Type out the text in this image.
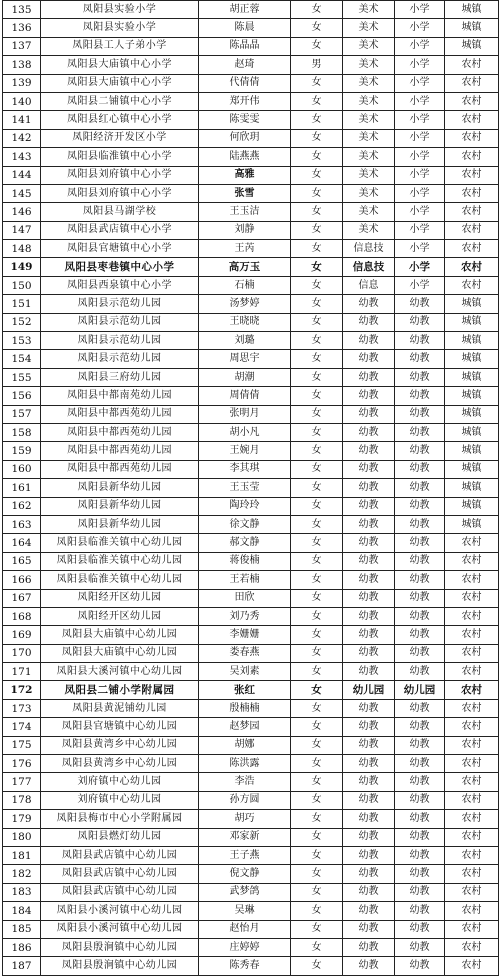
135	凤阳县实验小学	胡正蓉	女	美术	小学	城镇
136	凤阳县实验小学	陈晨	女	美术	小学	城镇
137	凤阳县工人子弟小学	陈晶晶	女	美术	小学	城镇
138	凤阳县大庙镇中心小学	赵琦	男	美术	小学	农村
139	凤阳县大庙镇中心小学	代倩倩	女	美术	小学	农村
140	凤阳县二铺镇中心小学	郑开伟	女	美术	小学	农村
141	凤阳县红心镇中心小学	陈雯雯	女	美术	小学	农村
142	凤阳经济开发区小学	何欣玥	女	美术	小学	农村
143	凤阳县临淮镇中心小学	陆燕燕	女	美术	小学	农村
144	凤阳县刘府镇中心小学	高雅	女	美术	小学	农村
145	凤阳县刘府镇中心小学	张雪	女	美术	小学	农村
146	凤阳县马湖学校	王玉洁	女	美术	小学	农村
147	凤阳县武店镇中心小学	刘静	女	美术	小学	农村
148	凤阳县官塘镇中心小学	王芮	女	信息技	小学	农村
149	凤阳县枣巷镇中心小学	高万玉	女	信息技	小学	农村
150	凤阳县西泉镇中心小学	石楠	女	信息	小学	农村
151	凤阳县示范幼儿园	汤梦婷	女	幼教	幼教	城镇
152	凤阳县示范幼儿园	王晓晓	女	幼教	幼教	城镇
153	凤阳县示范幼儿园	刘璐	女	幼教	幼教	城镇
154	凤阳县示范幼儿园	周思宇	女	幼教	幼教	城镇
155	凤阳县三府幼儿园	胡潮	女	幼教	幼教	城镇
156	凤阳县中都南苑幼儿园	周倩倩	女	幼教	幼教	城镇
157	凤阳县中都西苑幼儿园	张明月	女	幼教	幼教	城镇
158	凤阳县中都西苑幼儿园	胡小凡	女	幼教	幼教	城镇
159	凤阳县中都西苑幼儿园	王婉月	女	幼教	幼教	城镇
160	凤阳县中都西苑幼儿园	李其琪	女	幼教	幼教	城镇
161	凤阳县新华幼儿园	王玉莹	女	幼教	幼教	城镇
162	凤阳县新华幼儿园	陶玲玲	女	幼教	幼教	城镇
163	凤阳县新华幼儿园	徐文静	女	幼教	幼教	城镇
164	凤阳县临淮关镇中心幼儿园	郝文静	女	幼教	幼教	农村
165	凤阳县临淮关镇中心幼儿园	蒋俊楠	女	幼教	幼教	农村
166	凤阳县临淮关镇中心幼儿园	王若楠	女	幼教	幼教	农村
167	凤阳经开区幼儿园	田欣	女	幼教	幼教	农村
168	凤阳经开区幼儿园	刘乃秀	女	幼教	幼教	农村
169	凤阳县大庙镇中心幼儿园	李姗姗	女	幼教	幼教	农村
170	凤阳县大庙镇中心幼儿园	娄春燕	女	幼教	幼教	农村
171	凤阳县大溪河镇中心幼儿园	吴刘素	女	幼教	幼教	农村
172	凤阳县二铺小学附属园	张红	女	幼儿园	幼儿园	农村
173	凤阳县黄泥铺幼儿园	殷楠楠	女	幼教	幼教	农村
174	凤阳县官塘镇中心幼儿园	赵梦园	女	幼教	幼教	农村
175	凤阳县黄湾乡中心幼儿园	胡娜	女	幼教	幼教	农村
176	凤阳县黄湾乡中心幼儿园	陈洪露	女	幼教	幼教	农村
177	刘府镇中心幼儿园	李浩	女	幼教	幼教	农村
178	刘府镇中心幼儿园	孙方圆	女	幼教	幼教	农村
179	凤阳县梅市中心小学附属园	胡巧	女	幼教	幼教	农村
180	凤阳县燃灯幼儿园	邓家新	女	幼教	幼教	农村
181	凤阳县武店镇中心幼儿园	王子燕	女	幼教	幼教	农村
182	凤阳县武店镇中心幼儿园	倪文静	女	幼教	幼教	农村
183	凤阳县武店镇中心幼儿园	武梦鸽	女	幼教	幼教	农村
184	凤阳县小溪河镇中心幼儿园	吴琳	女	幼教	幼教	农村
185	凤阳县小溪河镇中心幼儿园	赵怡月	女	幼教	幼教	农村
186	凤阳县殷涧镇中心幼儿园	庄婷婷	女	幼教	幼教	农村
187	凤阳县殷涧镇中心幼儿园	陈秀春	女	幼教	幼教	农村
